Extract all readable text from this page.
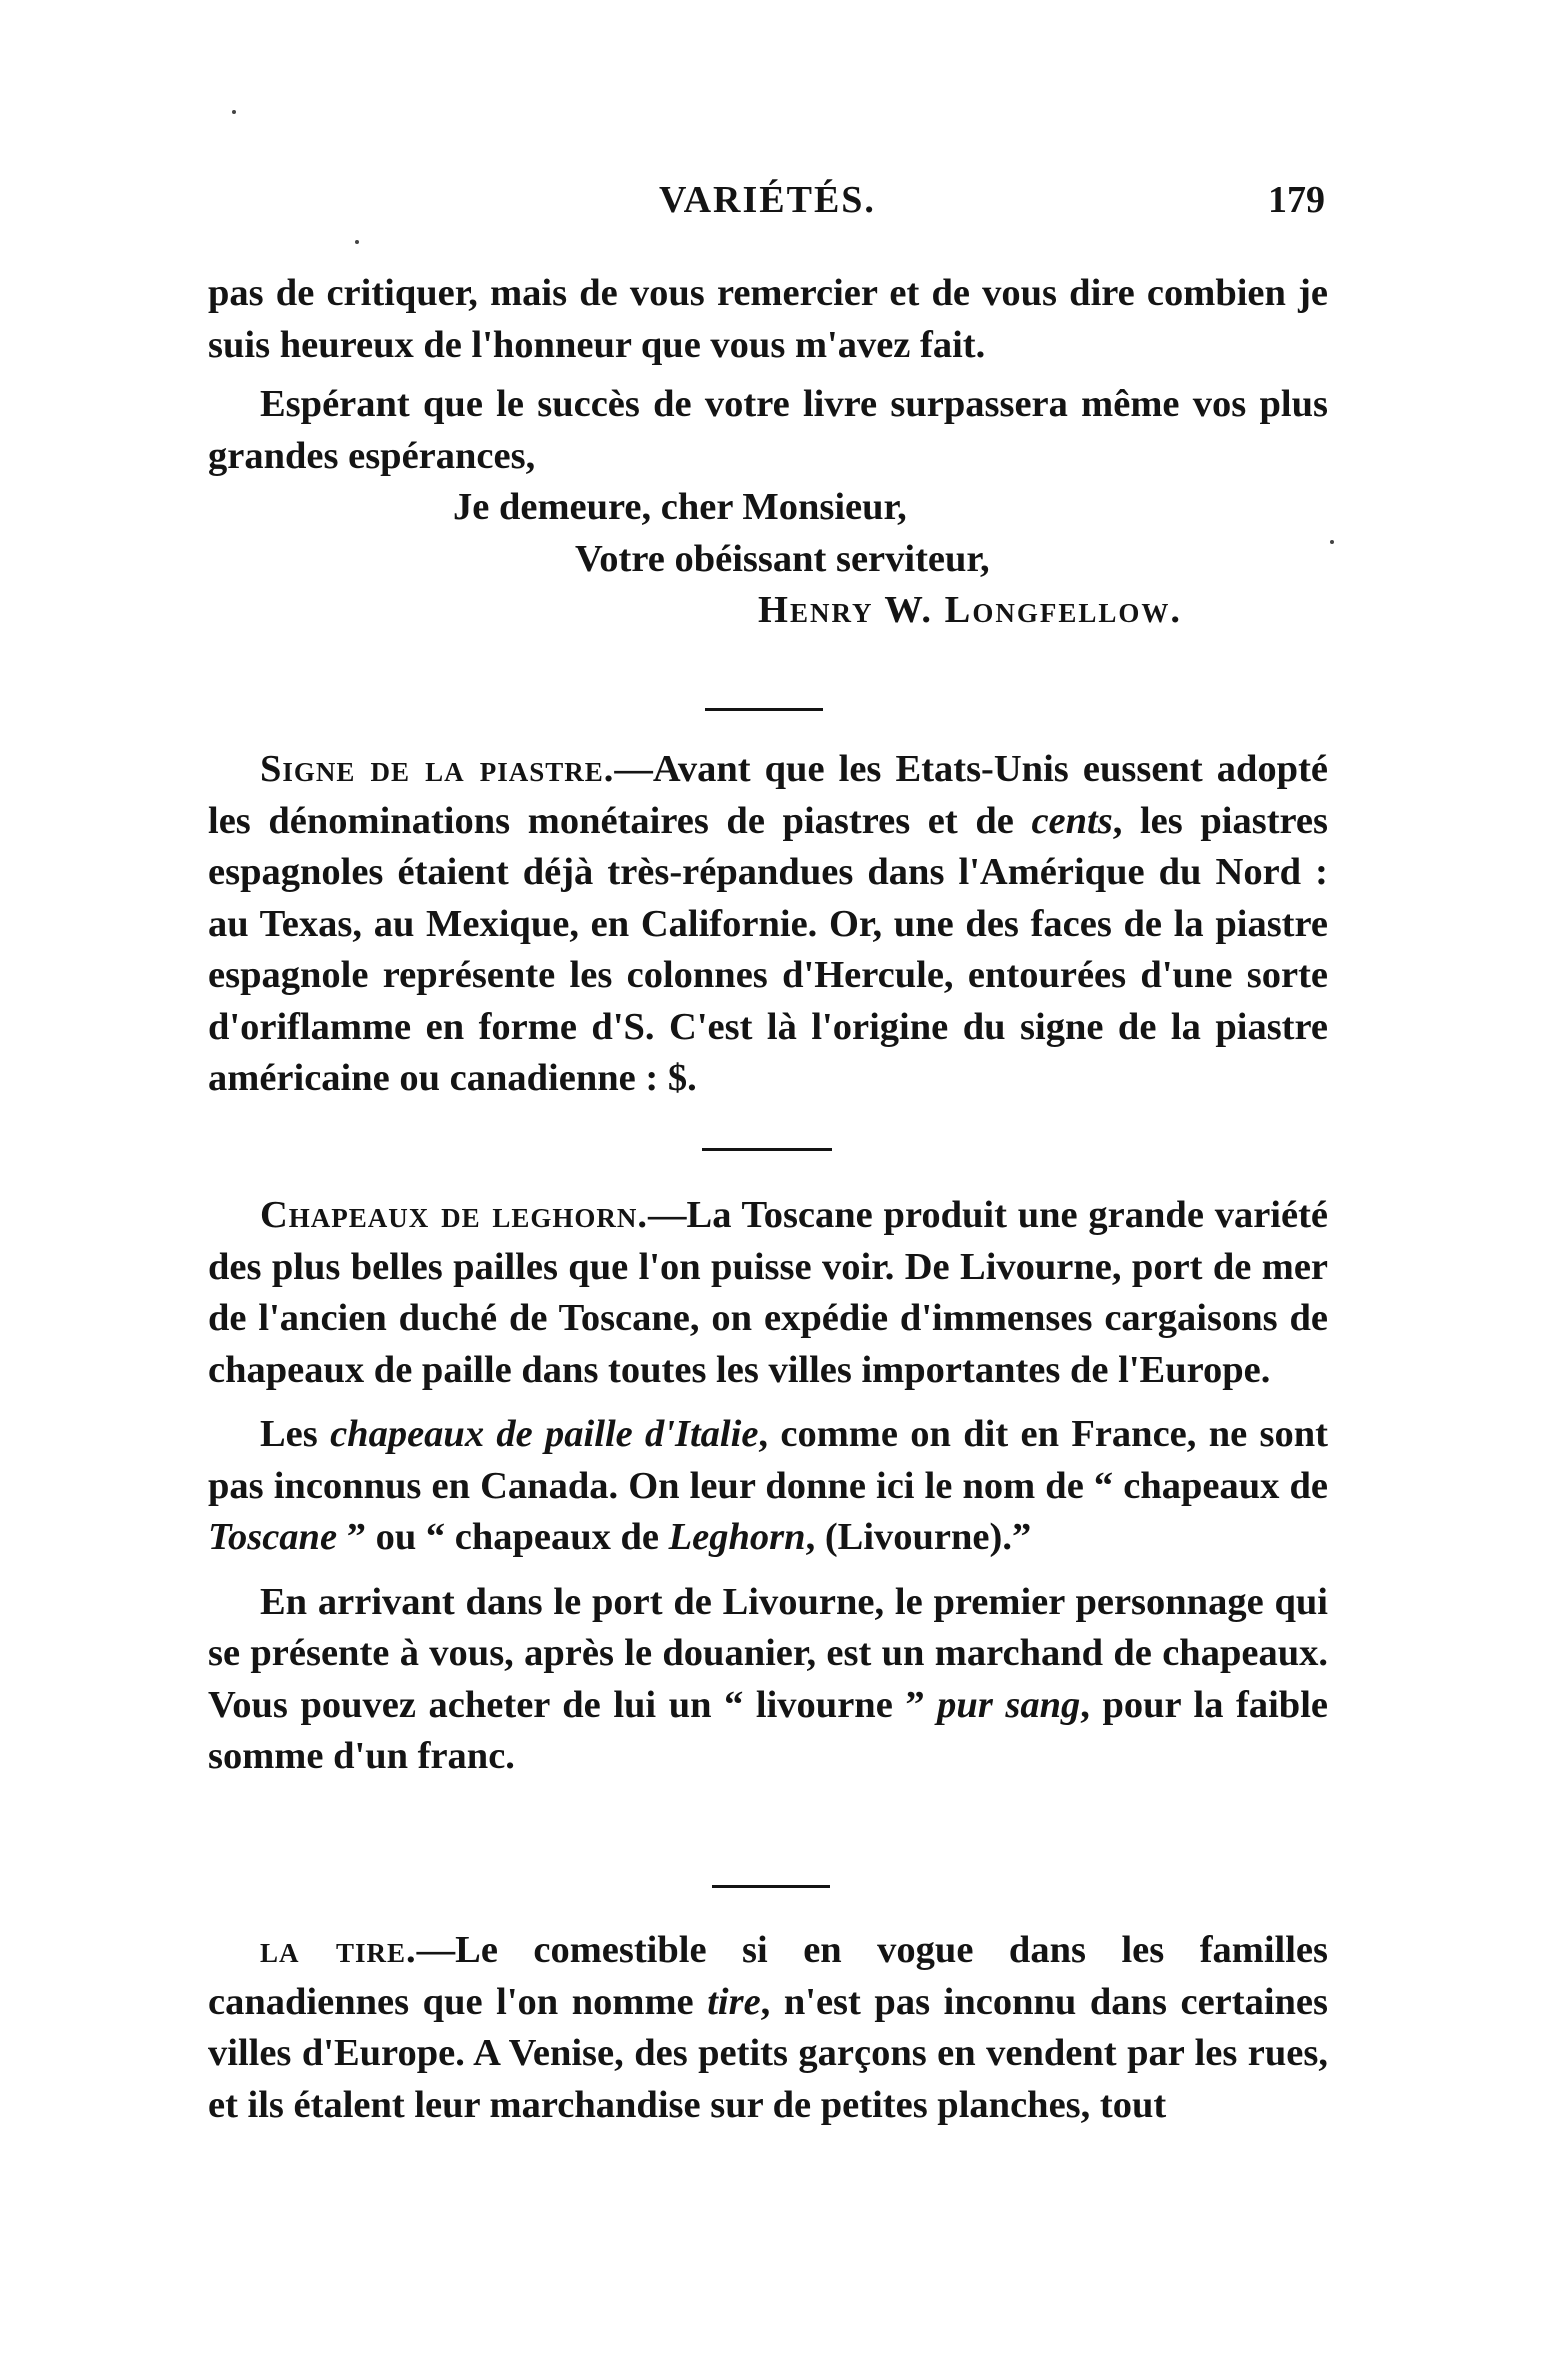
VARIÉTÉS.	179

pas de critiquer, mais de vous remercier et de vous dire combien je suis heureux de l'honneur que vous m'avez fait.

Espérant que le succès de votre livre surpassera même vos plus grandes espérances,

Je demeure, cher Monsieur,

Votre obéissant serviteur,

Henry W. Longfellow.

Signe de la piastre.—Avant que les Etats-Unis eussent adopté les dénominations monétaires de piastres et de cents, les piastres espagnoles étaient déjà très-répandues dans l'Amérique du Nord : au Texas, au Mexique, en Californie. Or, une des faces de la piastre espagnole représente les colonnes d'Hercule, entourées d'une sorte d'oriflamme en forme d'S. C'est là l'origine du signe de la piastre américaine ou canadienne : $.

Chapeaux de leghorn.—La Toscane produit une grande variété des plus belles pailles que l'on puisse voir. De Livourne, port de mer de l'ancien duché de Toscane, on expédie d'immenses cargaisons de chapeaux de paille dans toutes les villes importantes de l'Europe.

Les chapeaux de paille d'Italie, comme on dit en France, ne sont pas inconnus en Canada. On leur donne ici le nom de “ chapeaux de Toscane ” ou “ chapeaux de Leghorn, (Livourne).”

En arrivant dans le port de Livourne, le premier personnage qui se présente à vous, après le douanier, est un marchand de chapeaux. Vous pouvez acheter de lui un “ livourne ” pur sang, pour la faible somme d'un franc.

la tire.—Le comestible si en vogue dans les familles canadiennes que l'on nomme tire, n'est pas inconnu dans certaines villes d'Europe. A Venise, des petits garçons en vendent par les rues, et ils étalent leur marchandise sur de petites planches, tout
